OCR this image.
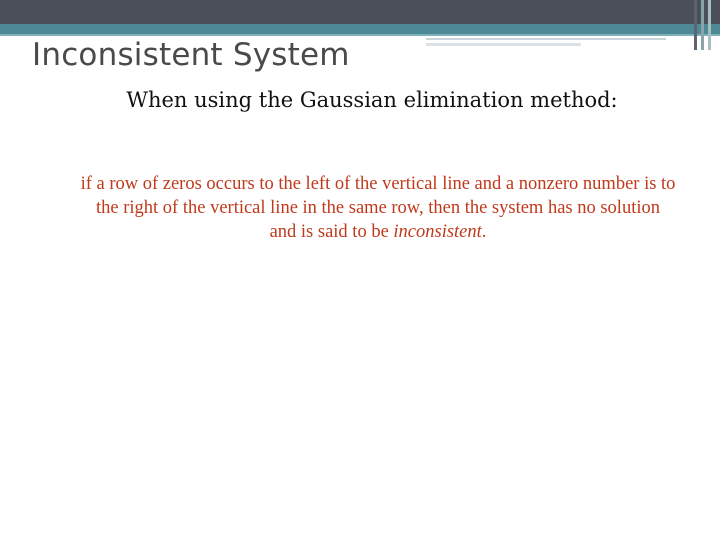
Inconsistent System
When using the Gaussian elimination method:
if a row of zeros occurs to the left of the vertical line and a nonzero number is to
the right of the vertical line in the same row, then the system has no solution
and is said to be inconsistent.
